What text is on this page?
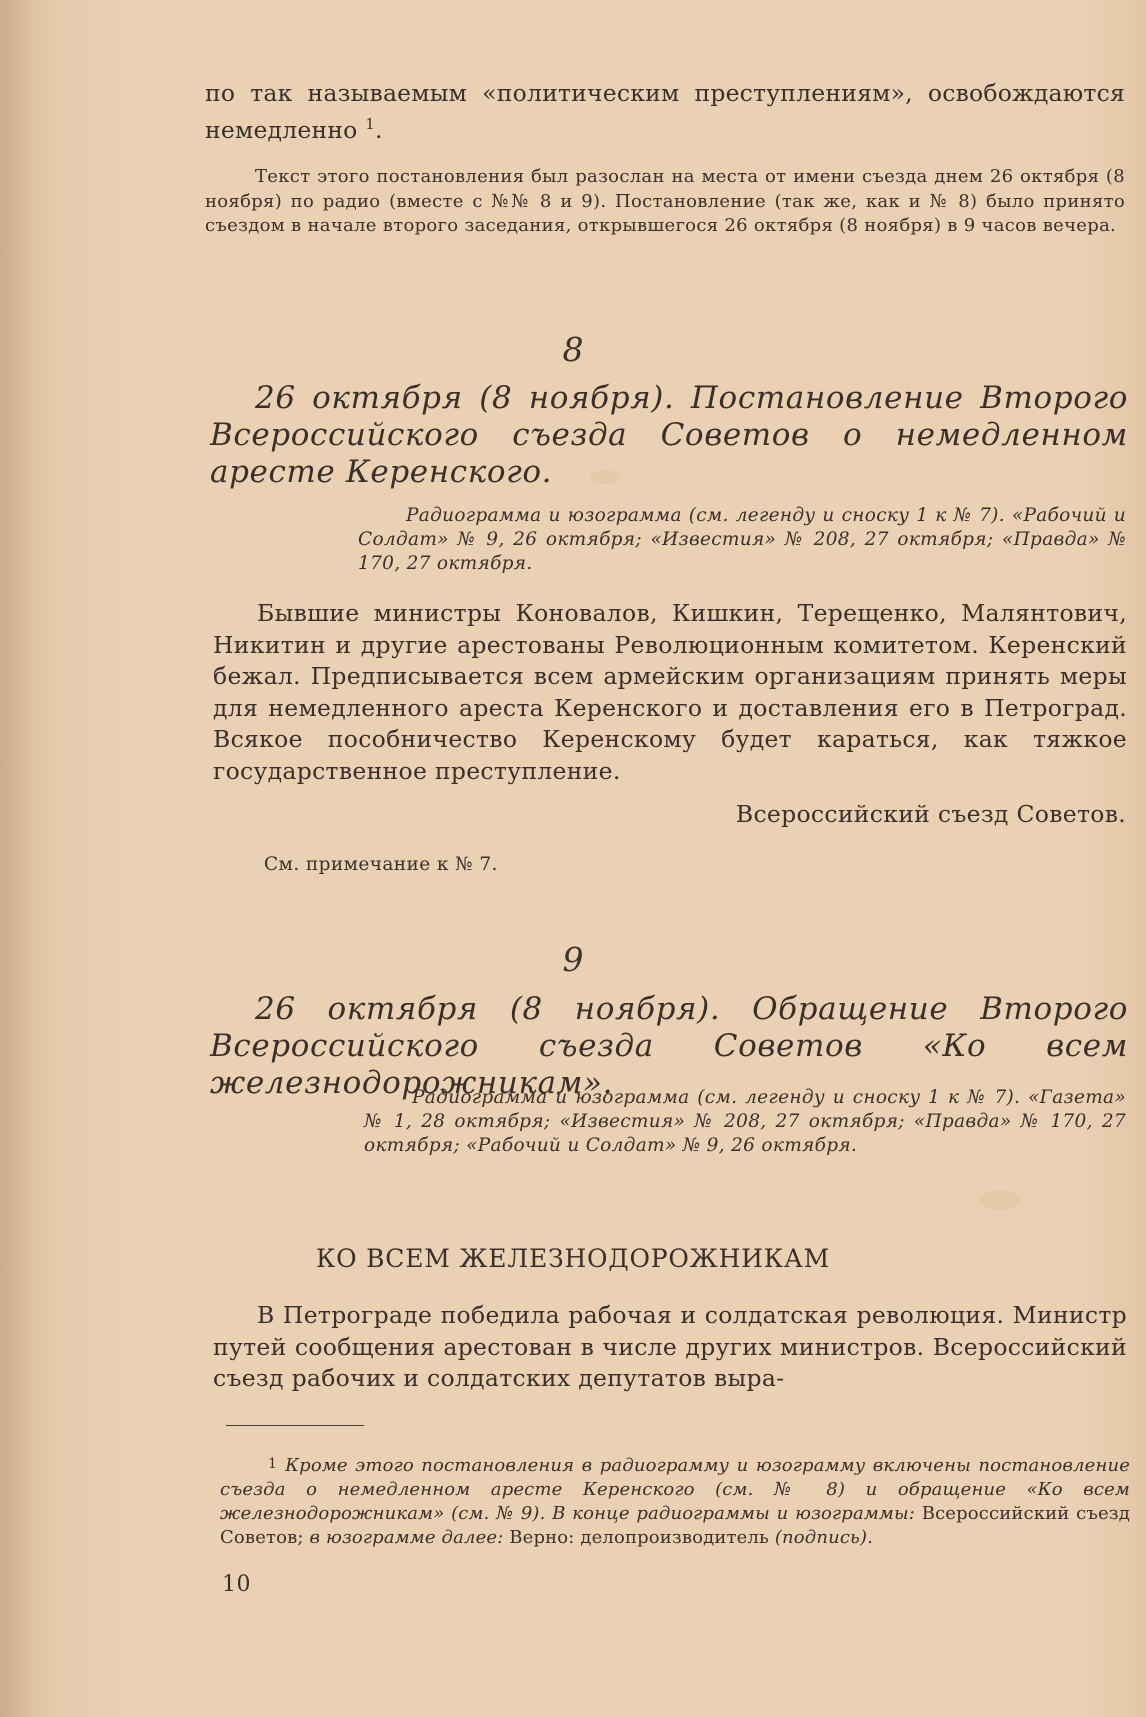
по так называемым «политическим преступлениям», освобождаются немедленно $^1$.
Текст этого постановления был разослан на места от имени съезда днем 26 октября (8 ноября) по радио (вместе с №№ 8 и 9). Постановление (так же, как и № 8) было принято съездом в начале второго заседания, открывшегося 26 октября (8 ноября) в 9 часов вечера.
8
26 октября (8 ноября). Постановление Второго Всероссийского съезда Советов о немедленном аресте Керенского.
Радиограмма и юзограмма (см. легенду и сноску 1 к № 7). «Рабочий и Солдат» № 9, 26 октября; «Известия» № 208, 27 октября; «Правда» № 170, 27 октября.
Бывшие министры Коновалов, Кишкин, Терещенко, Малянтович, Никитин и другие арестованы Революционным комитетом. Керенский бежал. Предписывается всем армейским организациям принять меры для немедленного ареста Керенского и доставления его в Петроград. Всякое пособничество Керенскому будет караться, как тяжкое государственное преступление.
Всероссийский съезд Советов.
См. примечание к № 7.
9
26 октября (8 ноября). Обращение Второго Всероссийского съезда Советов «Ко всем железнодорожникам».
Радиограмма и юзограмма (см. легенду и сноску 1 к № 7). «Газета» № 1, 28 октября; «Известия» № 208, 27 октября; «Правда» № 170, 27 октября; «Рабочий и Солдат» № 9, 26 октября.
КО ВСЕМ ЖЕЛЕЗНОДОРОЖНИКАМ
В Петрограде победила рабочая и солдатская революция. Министр путей сообщения арестован в числе других министров. Всероссийский съезд рабочих и солдатских депутатов выра-
1 Кроме этого постановления в радиограмму и юзограмму включены постановление съезда о немедленном аресте Керенского (см. № 8) и обращение «Ко всем железнодорожникам» (см. № 9). В конце радиограммы и юзограммы: Всероссийский съезд Советов; в юзограмме далее: Верно: делопроизводитель (подпись).
10
